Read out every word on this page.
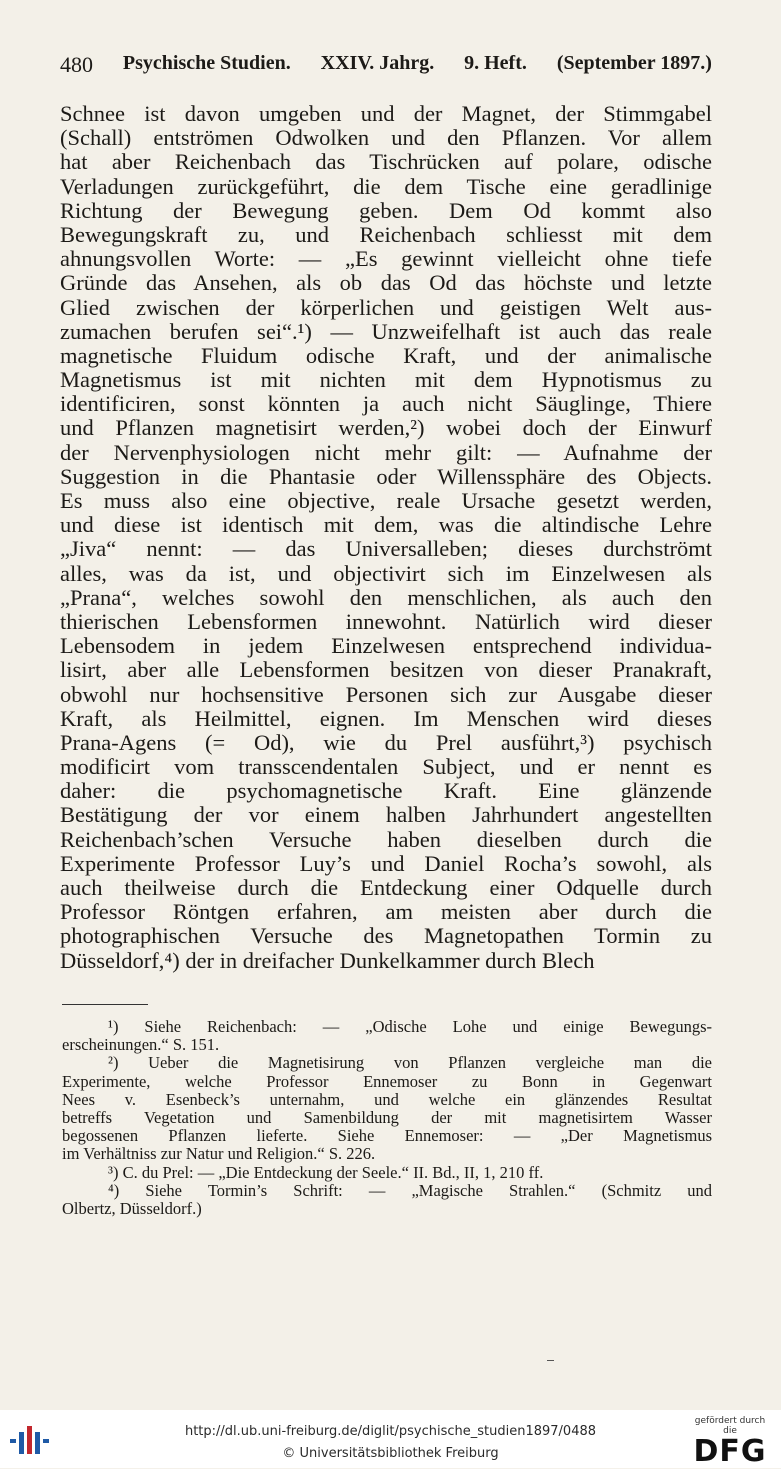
480 Psychische Studien. XXIV. Jahrg. 9. Heft. (September 1897.)
Schnee ist davon umgeben und der Magnet, der Stimmgabel
(Schall) entströmen Odwolken und den Pflanzen. Vor allem
hat aber Reichenbach das Tischrücken auf polare, odische
Verladungen zurückgeführt, die dem Tische eine geradlinige
Richtung der Bewegung geben. Dem Od kommt also
Bewegungskraft zu, und Reichenbach schliesst mit dem
ahnungsvollen Worte: — „Es gewinnt vielleicht ohne tiefe
Gründe das Ansehen, als ob das Od das höchste und letzte
Glied zwischen der körperlichen und geistigen Welt aus-
zumachen berufen sei“.¹) — Unzweifelhaft ist auch das reale
magnetische Fluidum odische Kraft, und der animalische
Magnetismus ist mit nichten mit dem Hypnotismus zu
identificiren, sonst könnten ja auch nicht Säuglinge, Thiere
und Pflanzen magnetisirt werden,²) wobei doch der Einwurf
der Nervenphysiologen nicht mehr gilt: — Aufnahme der
Suggestion in die Phantasie oder Willenssphäre des Objects.
Es muss also eine objective, reale Ursache gesetzt werden,
und diese ist identisch mit dem, was die altindische Lehre
„Jiva“ nennt: — das Universalleben; dieses durchströmt
alles, was da ist, und objectivirt sich im Einzelwesen als
„Prana“, welches sowohl den menschlichen, als auch den
thierischen Lebensformen innewohnt. Natürlich wird dieser
Lebensodem in jedem Einzelwesen entsprechend individua-
lisirt, aber alle Lebensformen besitzen von dieser Pranakraft,
obwohl nur hochsensitive Personen sich zur Ausgabe dieser
Kraft, als Heilmittel, eignen. Im Menschen wird dieses
Prana-Agens (= Od), wie du Prel ausführt,³) psychisch
modificirt vom transscendentalen Subject, und er nennt es
daher: die psychomagnetische Kraft. Eine glänzende
Bestätigung der vor einem halben Jahrhundert angestellten
Reichenbach’schen Versuche haben dieselben durch die
Experimente Professor Luy’s und Daniel Rocha’s sowohl, als
auch theilweise durch die Entdeckung einer Odquelle durch
Professor Röntgen erfahren, am meisten aber durch die
photographischen Versuche des Magnetopathen Tormin zu
Düsseldorf,⁴) der in dreifacher Dunkelkammer durch Blech
¹) Siehe Reichenbach: — „Odische Lohe und einige Bewegungs-
erscheinungen.“ S. 151.
²) Ueber die Magnetisirung von Pflanzen vergleiche man die
Experimente, welche Professor Ennemoser zu Bonn in Gegenwart
Nees v. Esenbeck’s unternahm, und welche ein glänzendes Resultat
betreffs Vegetation und Samenbildung der mit magnetisirtem Wasser
begossenen Pflanzen lieferte. Siehe Ennemoser: — „Der Magnetismus
im Verhältniss zur Natur und Religion.“ S. 226.
³) C. du Prel: — „Die Entdeckung der Seele.“ II. Bd., II, 1, 210 ff.
⁴) Siehe Tormin’s Schrift: — „Magische Strahlen.“ (Schmitz und
Olbertz, Düsseldorf.)
http://dl.ub.uni-freiburg.de/diglit/psychische_studien1897/0488
© Universitätsbibliothek Freiburg
gefördert durch die
DFG
